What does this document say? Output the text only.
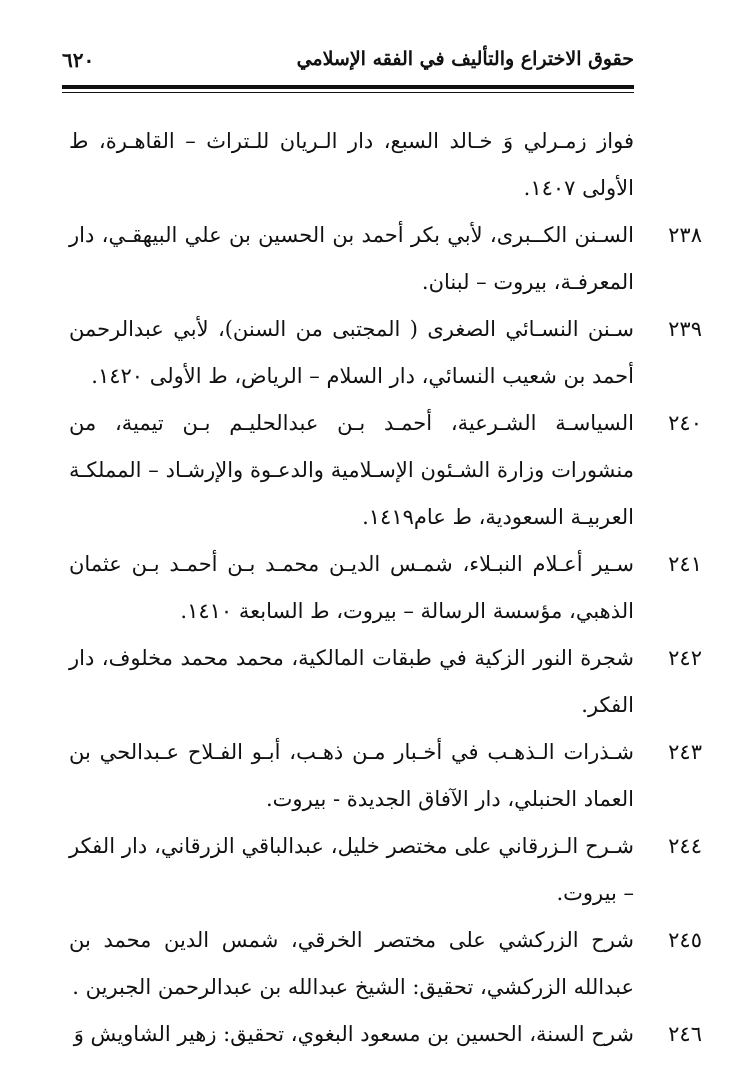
حقوق الاختراع والتأليف في الفقه الإسلامي
٦٢٠
فواز زمـرلي وَ خـالد السبع، دار الـريان للـتراث – القاهـرة، ط الأولى ١٤٠٧.
٢٣٨
السـنن الكــبرى، لأبي بكر أحمد بن الحسين بن علي البيهقـي، دار المعرفـة، بيروت – لبنان.
٢٣٩
سـنن النسـائي الصغرى ( المجتبى من السنن)، لأبي عبدالرحمن أحمد بن شعيب النسائي، دار السلام – الرياض، ط الأولى ١٤٢٠.
٢٤٠
السياسـة الشـرعية، أحمـد بـن عبدالحليـم بـن تيمية، من منشورات وزارة الشـئون الإسـلامية والدعـوة والإرشـاد – المملكـة العربيـة السعودية، ط عام١٤١٩.
٢٤١
سـير أعـلام النبـلاء، شمـس الديـن محمـد بـن أحمـد بـن عثمان الذهبي، مؤسسة الرسالة – بيروت، ط السابعة ١٤١٠.
٢٤٢
شجرة النور الزكية في طبقات المالكية، محمد محمد مخلوف، دار الفكر.
٢٤٣
شـذرات الـذهـب في أخـبار مـن ذهـب، أبـو الفـلاح عـبدالحي بن العماد الحنبلي، دار الآفاق الجديدة - بيروت.
٢٤٤
شـرح الـزرقاني على مختصر خليل، عبدالباقي الزرقاني، دار الفكر – بيروت.
٢٤٥
شرح الزركشي على مختصر الخرقي، شمس الدين محمد بن عبدالله الزركشي، تحقيق: الشيخ عبدالله بن عبدالرحمن الجبرين .
٢٤٦
شرح السنة، الحسين بن مسعود البغوي، تحقيق: زهير الشاويش وَ
